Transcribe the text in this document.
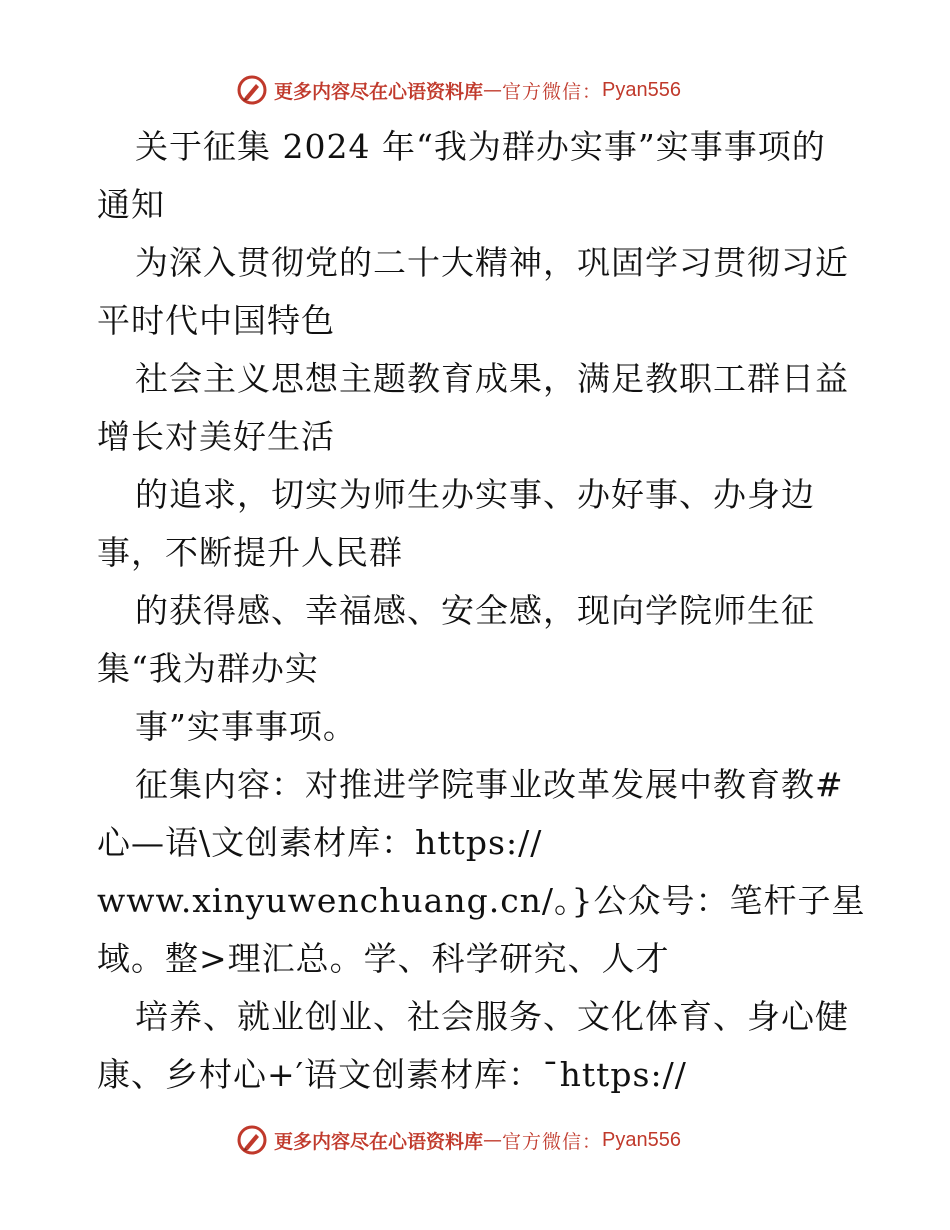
更多内容尽在心语资料库 — 官方微信： Pyan556
关于征集 2024 年“我为群办实事”实事事项的
通知
为深入贯彻党的二十大精神，巩固学习贯彻习近
平时代中国特色
社会主义思想主题教育成果，满足教职工群日益
增长对美好生活
的追求，切实为师生办实事、办好事、办身边
事，不断提升人民群
的获得感、幸福感、安全感，现向学院师生征
集“我为群办实
事”实事事项。
征集内容：对推进学院事业改革发展中教育教#
心—语\文创素材库：https://
www.xinyuwenchuang.cn/。}公众号：笔杆子星
域。整>理汇总。学、科学研究、人才
培养、就业创业、社会服务、文化体育、身心健
康、乡村心+′语文创素材库：¯https://
更多内容尽在心语资料库 — 官方微信： Pyan556
